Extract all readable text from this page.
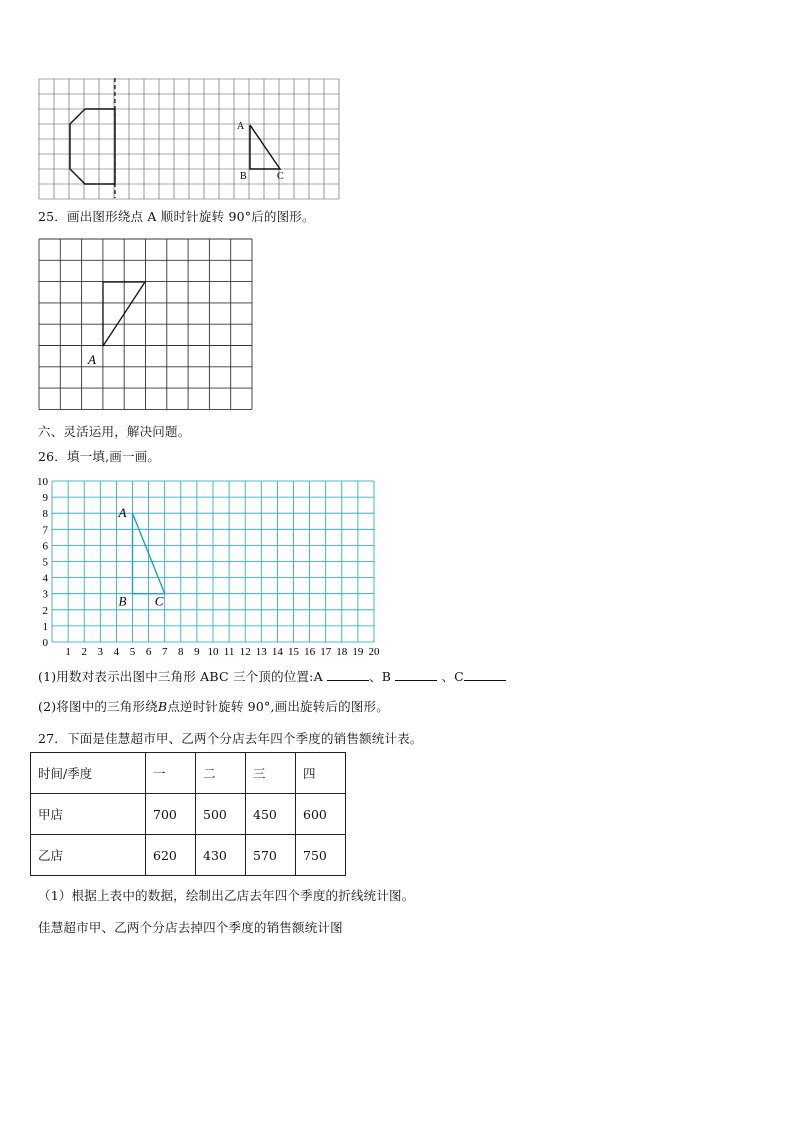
A
B	C
25．画出图形绕点 A 顺时针旋转 90°后的图形。
A
六、灵活运用，解决问题。
26．填一填,画一画。
0
1
2
3
4
5
6
7
8
9
10
1 2 3 4 5 6 7 8 9 10 11 12 13 14 15 16 17 18 19 20
A
B C
(1)用数对表示出图中三角形 ABC 三个顶的位置:A	、B	、C
(2)将图中的三角形绕B点逆时针旋转 90°,画出旋转后的图形。
27．下面是佳慧超市甲、乙两个分店去年四个季度的销售额统计表。
时间/季度	一	二	三	四
甲店	700	500	450	600
乙店	620	430	570	750
（1）根据上表中的数据，绘制出乙店去年四个季度的折线统计图。
佳慧超市甲、乙两个分店去掉四个季度的销售额统计图
